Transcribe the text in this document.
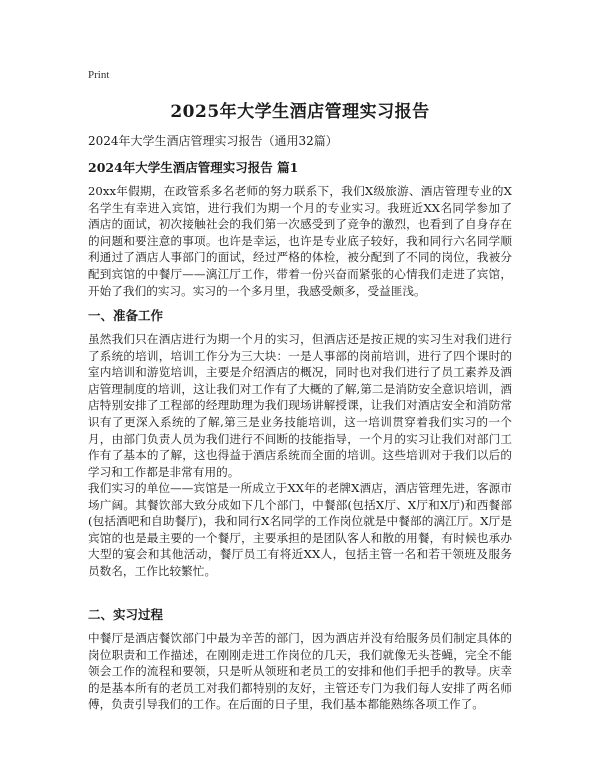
Print
2025年大学生酒店管理实习报告
2024年大学生酒店管理实习报告（通用32篇）
2024年大学生酒店管理实习报告 篇1

20xx年假期，在政管系多名老师的努力联系下，我们X级旅游、酒店管理专业的X名学生有幸进入宾馆，进行我们为期一个月的专业实习。我班近XX名同学参加了酒店的面试，初次接触社会的我们第一次感受到了竞争的激烈，也看到了自身存在的问题和要注意的事项。也许是幸运，也许是专业底子较好，我和同行六名同学顺利通过了酒店人事部门的面试，经过严格的体检，被分配到了不同的岗位，我被分配到宾馆的中餐厅——漓江厅工作，带着一份兴奋而紧张的心情我们走进了宾馆，开始了我们的实习。实习的一个多月里，我感受颇多，受益匪浅。

一、准备工作

虽然我们只在酒店进行为期一个月的实习，但酒店还是按正规的实习生对我们进行了系统的培训，培训工作分为三大块：一是人事部的岗前培训，进行了四个课时的室内培训和游览培训，主要是介绍酒店的概况，同时也对我们进行了员工素养及酒店管理制度的培训，这让我们对工作有了大概的了解,第二是消防安全意识培训，酒店特别安排了工程部的经理助理为我们现场讲解授课，让我们对酒店安全和消防常识有了更深入系统的了解,第三是业务技能培训，这一培训贯穿着我们实习的一个月，由部门负责人员为我们进行不间断的技能指导，一个月的实习让我们对部门工作有了基本的了解，这也得益于酒店系统而全面的培训。这些培训对于我们以后的学习和工作都是非常有用的。

我们实习的单位——宾馆是一所成立于XX年的老牌X酒店，酒店管理先进，客源市场广阔。其餐饮部大致分成如下几个部门，中餐部(包括X厅、X厅和X厅)和西餐部(包括酒吧和自助餐厅)，我和同行X名同学的工作岗位就是中餐部的漓江厅。X厅是宾馆的也是最主要的一个餐厅，主要承担的是团队客人和散的用餐，有时候也承办大型的宴会和其他活动，餐厅员工有将近XX人，包括主管一名和若干领班及服务员数名，工作比较繁忙。

二、实习过程

中餐厅是酒店餐饮部门中最为辛苦的部门，因为酒店并没有给服务员们制定具体的岗位职责和工作描述，在刚刚走进工作岗位的几天，我们就像无头苍蝇，完全不能领会工作的流程和要领，只是听从领班和老员工的安排和他们手把手的教导。庆幸的是基本所有的老员工对我们都特别的友好，主管还专门为我们每人安排了两名师傅，负责引导我们的工作。在后面的日子里，我们基本都能熟练各项工作了。
